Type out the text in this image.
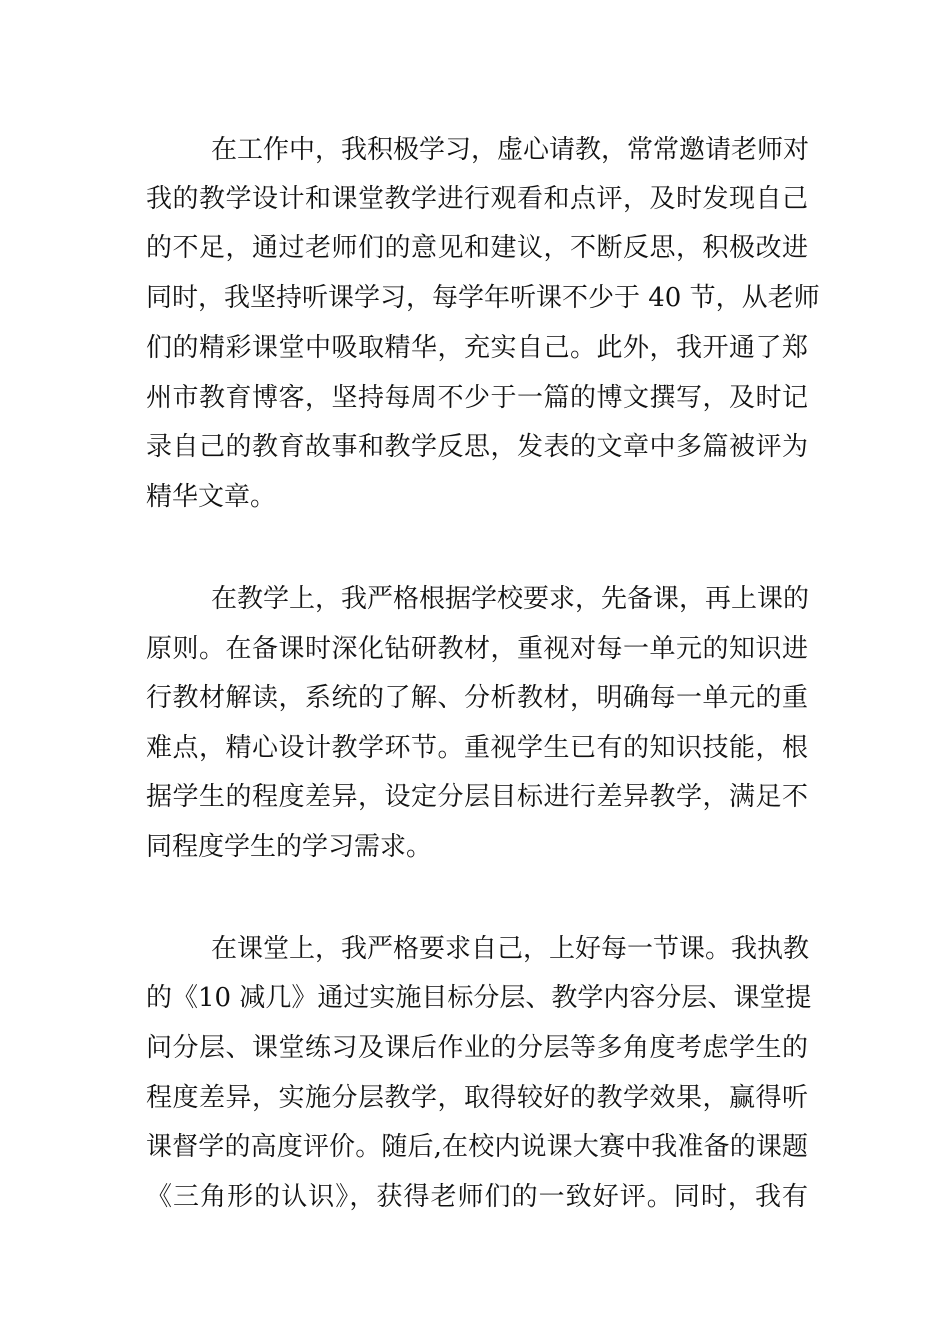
在工作中，我积极学习，虚心请教，常常邀请老师对
我的教学设计和课堂教学进行观看和点评，及时发现自己
的不足，通过老师们的意见和建议，不断反思，积极改进
同时，我坚持听课学习，每学年听课不少于 40 节，从老师
们的精彩课堂中吸取精华，充实自己。此外，我开通了郑
州市教育博客，坚持每周不少于一篇的博文撰写，及时记
录自己的教育故事和教学反思，发表的文章中多篇被评为
精华文章。
在教学上，我严格根据学校要求，先备课，再上课的
原则。在备课时深化钻研教材，重视对每一单元的知识进
行教材解读，系统的了解、分析教材，明确每一单元的重
难点，精心设计教学环节。重视学生已有的知识技能，根
据学生的程度差异，设定分层目标进行差异教学，满足不
同程度学生的学习需求。
在课堂上，我严格要求自己，上好每一节课。我执教
的《10 减几》通过实施目标分层、教学内容分层、课堂提
问分层、课堂练习及课后作业的分层等多角度考虑学生的
程度差异，实施分层教学，取得较好的教学效果，赢得听
课督学的高度评价。随后,在校内说课大赛中我准备的课题
《三角形的认识》，获得老师们的一致好评。同时，我有
